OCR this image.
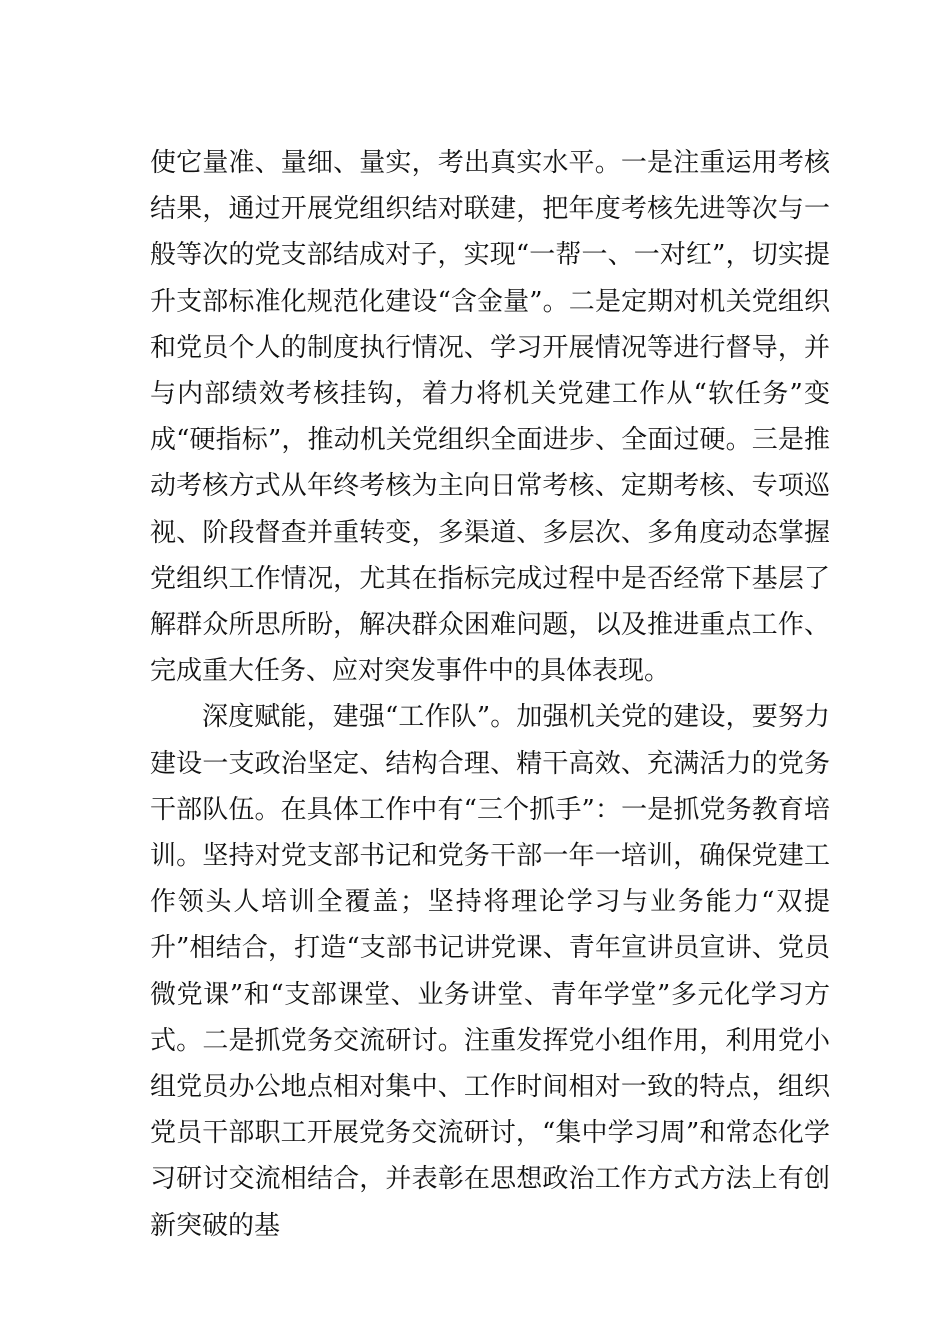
使它量准、量细、量实，考出真实水平。一是注重运用考核结果，通过开展党组织结对联建，把年度考核先进等次与一般等次的党支部结成对子，实现“一帮一、一对红”，切实提升支部标准化规范化建设“含金量”。二是定期对机关党组织和党员个人的制度执行情况、学习开展情况等进行督导，并与内部绩效考核挂钩，着力将机关党建工作从“软任务”变成“硬指标”，推动机关党组织全面进步、全面过硬。三是推动考核方式从年终考核为主向日常考核、定期考核、专项巡视、阶段督查并重转变，多渠道、多层次、多角度动态掌握党组织工作情况，尤其在指标完成过程中是否经常下基层了解群众所思所盼，解决群众困难问题，以及推进重点工作、完成重大任务、应对突发事件中的具体表现。

深度赋能，建强“工作队”。加强机关党的建设，要努力建设一支政治坚定、结构合理、精干高效、充满活力的党务干部队伍。在具体工作中有“三个抓手”：一是抓党务教育培训。坚持对党支部书记和党务干部一年一培训，确保党建工作领头人培训全覆盖；坚持将理论学习与业务能力“双提升”相结合，打造“支部书记讲党课、青年宣讲员宣讲、党员微党课”和“支部课堂、业务讲堂、青年学堂”多元化学习方式。二是抓党务交流研讨。注重发挥党小组作用，利用党小组党员办公地点相对集中、工作时间相对一致的特点，组织党员干部职工开展党务交流研讨，“集中学习周”和常态化学习研讨交流相结合，并表彰在思想政治工作方式方法上有创新突破的基
